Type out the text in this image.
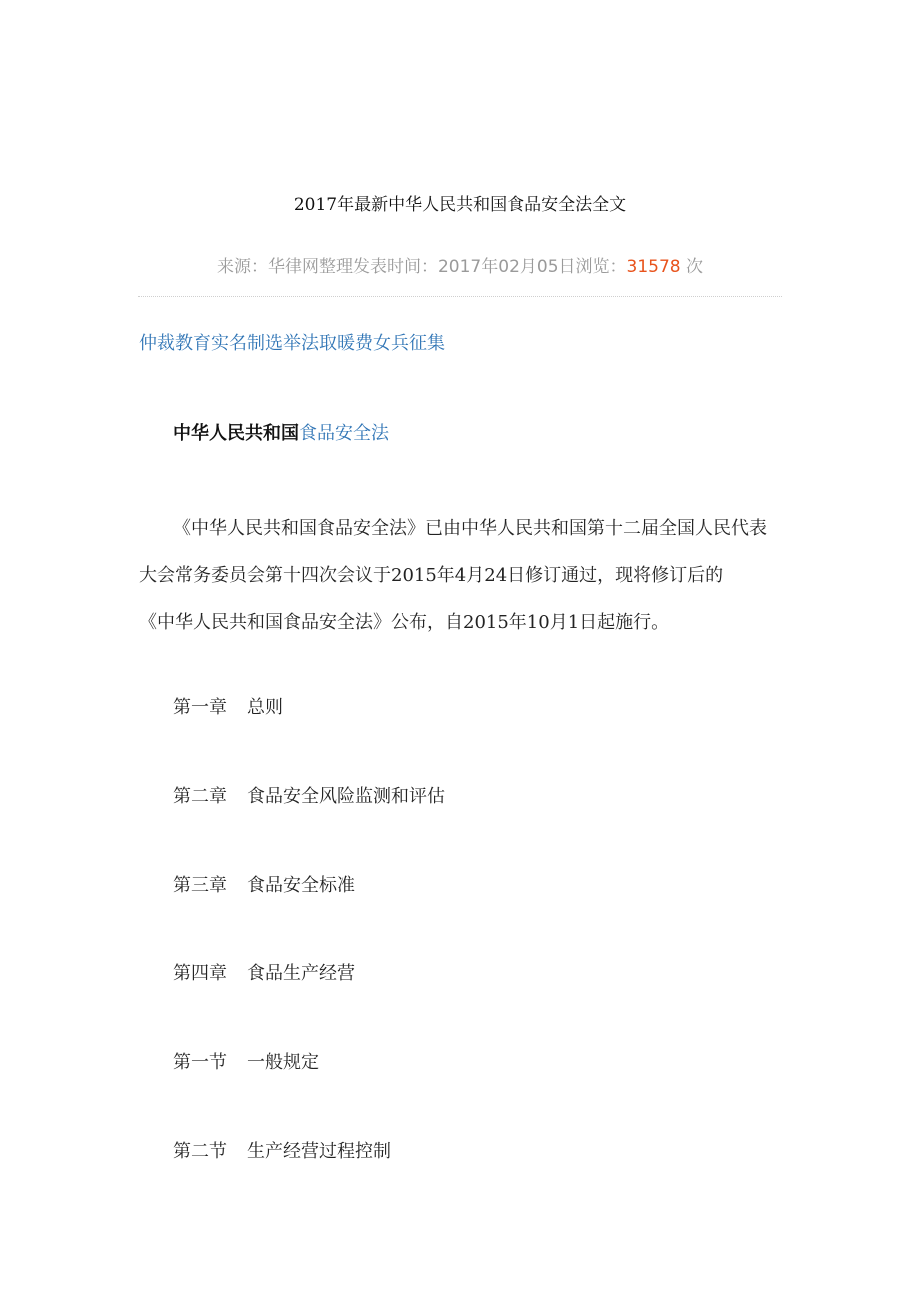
2017年最新中华人民共和国食品安全法全文
来源：华律网整理发表时间：2017年02月05日浏览：31578 次
仲裁教育实名制选举法取暖费女兵征集
中华人民共和国食品安全法
《中华人民共和国食品安全法》已由中华人民共和国第十二届全国人民代表
大会常务委员会第十四次会议于2015年4月24日修订通过，现将修订后的
《中华人民共和国食品安全法》公布，自2015年10月1日起施行。
第一章 总则
第二章 食品安全风险监测和评估
第三章 食品安全标准
第四章 食品生产经营
第一节 一般规定
第二节 生产经营过程控制
